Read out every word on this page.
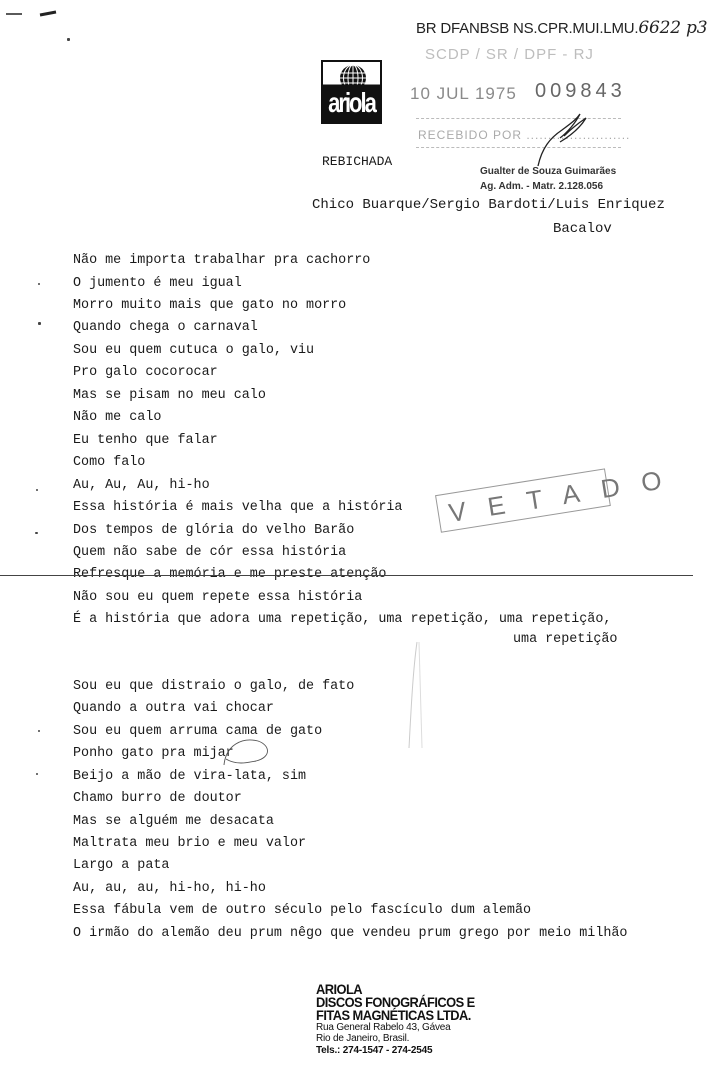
BR DFANBSB NS.CPR.MUI.LMU.6622 p3
ariola
SCDP / SR / DPF - RJ
10 JUL 1975 009843
RECEBIDO POR ........................
Gualter de Souza Guimarães
Ag. Adm. - Matr. 2.128.056
REBICHADA
Chico Buarque/Sergio Bardoti/Luis Enriquez
Bacalov
Não me importa trabalhar pra cachorro
O jumento é meu igual
Morro muito mais que gato no morro
Quando chega o carnaval
Sou eu quem cutuca o galo, viu
Pro galo cocorocar
Mas se pisam no meu calo
Não me calo
Eu tenho que falar
Como falo
Au, Au, Au, hi-ho
Essa história é mais velha que a história
Dos tempos de glória do velho Barão
Quem não sabe de cór essa história
Refresque a memória e me preste atenção
Não sou eu quem repete essa história
É a história que adora uma repetição, uma repetição, uma repetição,
uma repetição
VETADO
Sou eu que distraio o galo, de fato
Quando a outra vai chocar
Sou eu quem arruma cama de gato
Ponho gato pra mijar
Beijo a mão de vira-lata, sim
Chamo burro de doutor
Mas se alguém me desacata
Maltrata meu brio e meu valor
Largo a pata
Au, au, au, hi-ho, hi-ho
Essa fábula vem de outro século pelo fascículo dum alemão
O irmão do alemão deu prum nêgo que vendeu prum grego por meio milhão
ARIOLA
DISCOS FONOGRÁFICOS E
FITAS MAGNÉTICAS LTDA.
Rua General Rabelo 43, Gávea
Rio de Janeiro, Brasil.
Tels.: 274-1547 - 274-2545
